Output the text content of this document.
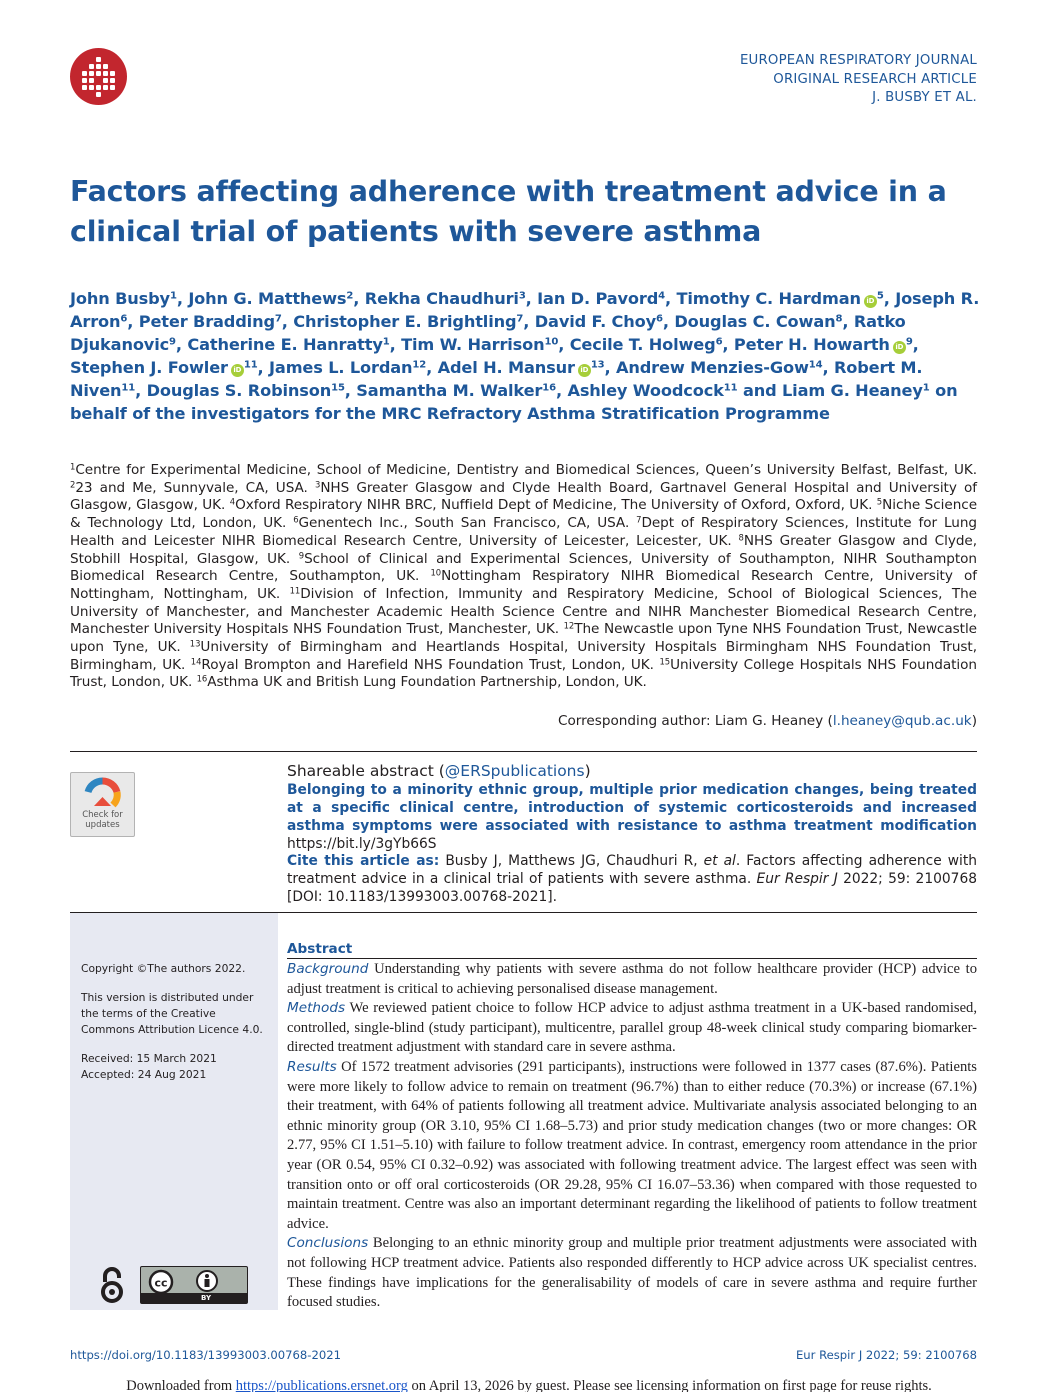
EUROPEAN RESPIRATORY JOURNAL
ORIGINAL RESEARCH ARTICLE
J. BUSBY ET AL.
Factors affecting adherence with treatment advice in a clinical trial of patients with severe asthma
John Busby$^1$, John G. Matthews$^2$, Rekha Chaudhuri$^3$, Ian D. Pavord$^4$, Timothy C. Hardman iD $^5$, Joseph R. Arron$^6$, Peter Bradding$^7$, Christopher E. Brightling$^7$, David F. Choy$^6$, Douglas C. Cowan$^8$, Ratko Djukanovic$^9$, Catherine E. Hanratty$^1$, Tim W. Harrison$^{10}$, Cecile T. Holweg$^6$, Peter H. Howarth iD $^9$, Stephen J. Fowler iD $^{11}$, James L. Lordan$^{12}$, Adel H. Mansur iD $^{13}$, Andrew Menzies-Gow$^{14}$, Robert M. Niven$^{11}$, Douglas S. Robinson$^{15}$, Samantha M. Walker$^{16}$, Ashley Woodcock$^{11}$ and Liam G. Heaney$^1$ on behalf of the investigators for the MRC Refractory Asthma Stratification Programme
$^1$Centre for Experimental Medicine, School of Medicine, Dentistry and Biomedical Sciences, Queen’s University Belfast, Belfast, UK. $^2$23 and Me, Sunnyvale, CA, USA. $^3$NHS Greater Glasgow and Clyde Health Board, Gartnavel General Hospital and University of Glasgow, Glasgow, UK. $^4$Oxford Respiratory NIHR BRC, Nuffield Dept of Medicine, The University of Oxford, Oxford, UK. $^5$Niche Science & Technology Ltd, London, UK. $^6$Genentech Inc., South San Francisco, CA, USA. $^7$Dept of Respiratory Sciences, Institute for Lung Health and Leicester NIHR Biomedical Research Centre, University of Leicester, Leicester, UK. $^8$NHS Greater Glasgow and Clyde, Stobhill Hospital, Glasgow, UK. $^9$School of Clinical and Experimental Sciences, University of Southampton, NIHR Southampton Biomedical Research Centre, Southampton, UK. $^{10}$Nottingham Respiratory NIHR Biomedical Research Centre, University of Nottingham, Nottingham, UK. $^{11}$Division of Infection, Immunity and Respiratory Medicine, School of Biological Sciences, The University of Manchester, and Manchester Academic Health Science Centre and NIHR Manchester Biomedical Research Centre, Manchester University Hospitals NHS Foundation Trust, Manchester, UK. $^{12}$The Newcastle upon Tyne NHS Foundation Trust, Newcastle upon Tyne, UK. $^{13}$University of Birmingham and Heartlands Hospital, University Hospitals Birmingham NHS Foundation Trust, Birmingham, UK. $^{14}$Royal Brompton and Harefield NHS Foundation Trust, London, UK. $^{15}$University College Hospitals NHS Foundation Trust, London, UK. $^{16}$Asthma UK and British Lung Foundation Partnership, London, UK.
Corresponding author: Liam G. Heaney (l.heaney@qub.ac.uk)
Check for
updates
Shareable abstract (@ERSpublications)
Belonging to a minority ethnic group, multiple prior medication changes, being treated at a specific clinical centre, introduction of systemic corticosteroids and increased asthma symptoms were associated with resistance to asthma treatment modification https://bit.ly/3gYb66S
Cite this article as: Busby J, Matthews JG, Chaudhuri R, et al. Factors affecting adherence with treatment advice in a clinical trial of patients with severe asthma. Eur Respir J 2022; 59: 2100768 [DOI: 10.1183/13993003.00768-2021].

Copyright ©The authors 2022.

This version is distributed under the terms of the Creative Commons Attribution Licence 4.0.

Received: 15 March 2021
Accepted: 24 Aug 2021

cc
BY
Abstract
Background Understanding why patients with severe asthma do not follow healthcare provider (HCP) advice to adjust treatment is critical to achieving personalised disease management.
Methods We reviewed patient choice to follow HCP advice to adjust asthma treatment in a UK-based randomised, controlled, single-blind (study participant), multicentre, parallel group 48-week clinical study comparing biomarker-directed treatment adjustment with standard care in severe asthma.
Results Of 1572 treatment advisories (291 participants), instructions were followed in 1377 cases (87.6%). Patients were more likely to follow advice to remain on treatment (96.7%) than to either reduce (70.3%) or increase (67.1%) their treatment, with 64% of patients following all treatment advice. Multivariate analysis associated belonging to an ethnic minority group (OR 3.10, 95% CI 1.68–5.73) and prior study medication changes (two or more changes: OR 2.77, 95% CI 1.51–5.10) with failure to follow treatment advice. In contrast, emergency room attendance in the prior year (OR 0.54, 95% CI 0.32–0.92) was associated with following treatment advice. The largest effect was seen with transition onto or off oral corticosteroids (OR 29.28, 95% CI 16.07–53.36) when compared with those requested to maintain treatment. Centre was also an important determinant regarding the likelihood of patients to follow treatment advice.
Conclusions Belonging to an ethnic minority group and multiple prior treatment adjustments were associated with not following HCP treatment advice. Patients also responded differently to HCP advice across UK specialist centres. These findings have implications for the generalisability of models of care in severe asthma and require further focused studies.
https://doi.org/10.1183/13993003.00768-2021	Eur Respir J 2022; 59: 2100768
Downloaded from https://publications.ersnet.org on April 13, 2026 by guest. Please see licensing information on first page for reuse rights.
